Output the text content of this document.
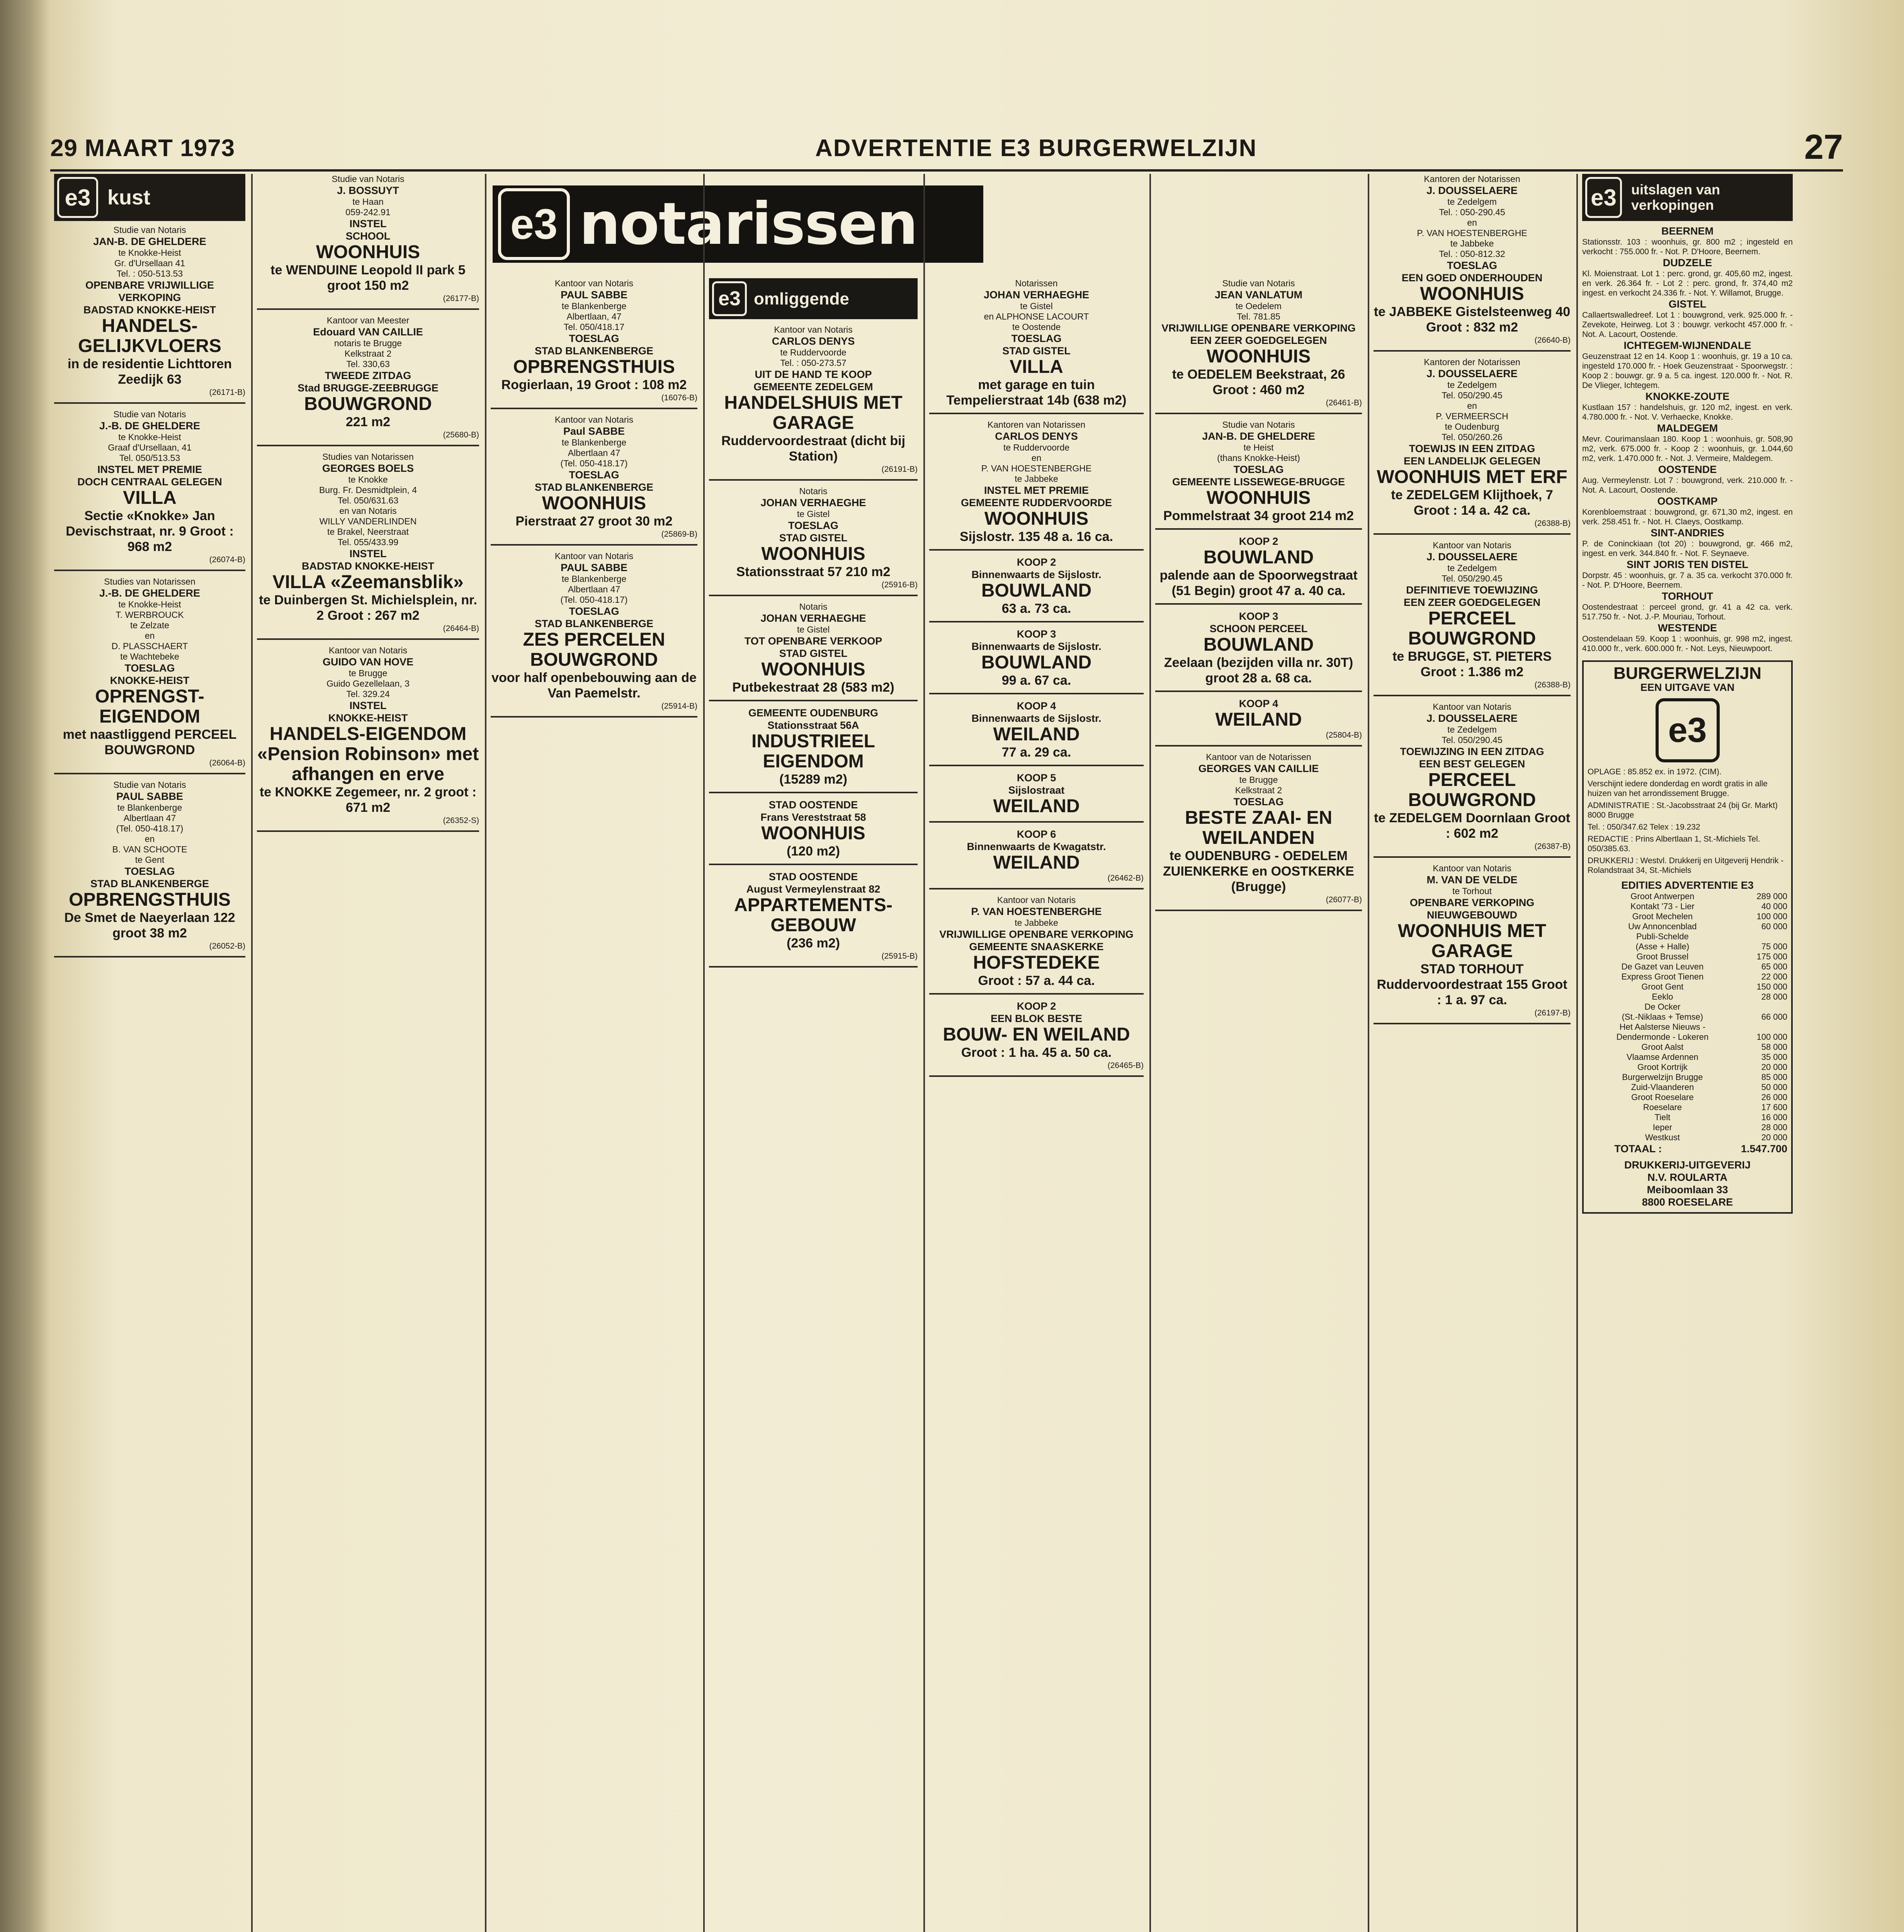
29 MAART 1973	ADVERTENTIE E3 BURGERWELZIJN	27
e3 notarissen
e3 kust
Studie van Notaris
JAN-B. DE GHELDERE
te Knokke-Heist
Gr. d'Ursellaan 41
Tel. : 050-513.53
OPENBARE VRIJWILLIGE VERKOPING
BADSTAD KNOKKE-HEIST
HANDELS-GELIJKVLOERS
in de residentie Lichttoren Zeedijk 63
(26171-B)
Studie van Notaris
J.-B. DE GHELDERE
te Knokke-Heist
Graaf d'Ursellaan, 41
Tel. 050/513.53
INSTEL MET PREMIE
DOCH CENTRAAL GELEGEN
VILLA
Sectie «Knokke» Jan Devischstraat, nr. 9 Groot : 968 m2
(26074-B)
Studies van Notarissen
J.-B. DE GHELDERE
te Knokke-Heist
T. WERBROUCK
te Zelzate
en
D. PLASSCHAERT
te Wachtebeke
TOESLAG
KNOKKE-HEIST
OPRENGST-EIGENDOM
met naastliggend PERCEEL BOUWGROND
(26064-B)
Studie van Notaris
PAUL SABBE
te Blankenberge
Albertlaan 47
(Tel. 050-418.17)
en
B. VAN SCHOOTE
te Gent
TOESLAG
STAD BLANKENBERGE
OPBRENGSTHUIS
De Smet de Naeyerlaan 122 groot 38 m2
(26052-B)
Studie van Notaris
J. BOSSUYT
te Haan
059-242.91
INSTEL
SCHOOL
WOONHUIS
te WENDUINE Leopold II park 5 groot 150 m2
(26177-B)
Kantoor van Meester
Edouard VAN CAILLIE
notaris te Brugge
Kelkstraat 2
Tel. 330,63
TWEEDE ZITDAG
Stad BRUGGE-ZEEBRUGGE
BOUWGROND
221 m2
(25680-B)
Studies van Notarissen
GEORGES BOELS
te Knokke
Burg. Fr. Desmidtplein, 4
Tel. 050/631.63
en van Notaris
WILLY VANDERLINDEN
te Brakel, Neerstraat
Tel. 055/433.99
INSTEL
BADSTAD KNOKKE-HEIST
VILLA «Zeemansblik»
te Duinbergen St. Michielsplein, nr. 2 Groot : 267 m2
(26464-B)
Kantoor van Notaris
GUIDO VAN HOVE
te Brugge
Guido Gezellelaan, 3
Tel. 329.24
INSTEL
KNOKKE-HEIST
HANDELS-EIGENDOM «Pension Robinson» met afhangen en erve
te KNOKKE Zegemeer, nr. 2 groot : 671 m2
(26352-S)
Kantoor van Notaris
PAUL SABBE
te Blankenberge
Albertlaan, 47
Tel. 050/418.17
TOESLAG
STAD BLANKENBERGE
OPBRENGSTHUIS
Rogierlaan, 19 Groot : 108 m2
(16076-B)
Kantoor van Notaris
Paul SABBE
te Blankenberge
Albertlaan 47
(Tel. 050-418.17)
TOESLAG
STAD BLANKENBERGE
WOONHUIS
Pierstraat 27 groot 30 m2
(25869-B)
Kantoor van Notaris
PAUL SABBE
te Blankenberge
Albertlaan 47
(Tel. 050-418.17)
TOESLAG
STAD BLANKENBERGE
ZES PERCELEN BOUWGROND
voor half openbebouwing aan de Van Paemelstr.
(25914-B)
e3 omliggende
Kantoor van Notaris
CARLOS DENYS
te Ruddervoorde
Tel. : 050-273.57
UIT DE HAND TE KOOP
GEMEENTE ZEDELGEM
HANDELSHUIS MET GARAGE
Ruddervoordestraat (dicht bij Station)
(26191-B)
Notaris
JOHAN VERHAEGHE
te Gistel
TOESLAG
STAD GISTEL
WOONHUIS
Stationsstraat 57 210 m2
(25916-B)
Notaris
JOHAN VERHAEGHE
te Gistel
TOT OPENBARE VERKOOP
STAD GISTEL
WOONHUIS
Putbekestraat 28 (583 m2)
GEMEENTE OUDENBURG
Stationsstraat 56A
INDUSTRIEEL EIGENDOM
(15289 m2)
STAD OOSTENDE
Frans Vereststraat 58
WOONHUIS
(120 m2)
STAD OOSTENDE
August Vermeylenstraat 82
APPARTEMENTS-GEBOUW
(236 m2)
(25915-B)
Notarissen
JOHAN VERHAEGHE
te Gistel
en ALPHONSE LACOURT
te Oostende
TOESLAG
STAD GISTEL
VILLA
met garage en tuin Tempelierstraat 14b (638 m2)
Kantoren van Notarissen
CARLOS DENYS
te Ruddervoorde
en
P. VAN HOESTENBERGHE
te Jabbeke
INSTEL MET PREMIE
GEMEENTE RUDDERVOORDE
WOONHUIS
Sijslostr. 135 48 a. 16 ca.
KOOP 2
Binnenwaarts de Sijslostr.
BOUWLAND
63 a. 73 ca.
KOOP 3
Binnenwaarts de Sijslostr.
BOUWLAND
99 a. 67 ca.
KOOP 4
Binnenwaarts de Sijslostr.
WEILAND
77 a. 29 ca.
KOOP 5
Sijslostraat
WEILAND
KOOP 6
Binnenwaarts de Kwagatstr.
WEILAND
(26462-B)
Kantoor van Notaris
P. VAN HOESTENBERGHE
te Jabbeke
VRIJWILLIGE OPENBARE VERKOPING
GEMEENTE SNAASKERKE
HOFSTEDEKE
Groot : 57 a. 44 ca.
KOOP 2
EEN BLOK BESTE
BOUW- EN WEILAND
Groot : 1 ha. 45 a. 50 ca.
(26465-B)
Studie van Notaris
JEAN VANLATUM
te Oedelem
Tel. 781.85
VRIJWILLIGE OPENBARE VERKOPING
EEN ZEER GOEDGELEGEN
WOONHUIS
te OEDELEM Beekstraat, 26 Groot : 460 m2
(26461-B)
Studie van Notaris
JAN-B. DE GHELDERE
te Heist
(thans Knokke-Heist)
TOESLAG
GEMEENTE LISSEWEGE-BRUGGE
WOONHUIS
Pommelstraat 34 groot 214 m2
KOOP 2
BOUWLAND
palende aan de Spoorwegstraat (51 Begin) groot 47 a. 40 ca.
KOOP 3
SCHOON PERCEEL
BOUWLAND
Zeelaan (bezijden villa nr. 30T) groot 28 a. 68 ca.
KOOP 4
WEILAND
(25804-B)
Kantoor van de Notarissen
GEORGES VAN CAILLIE
te Brugge
Kelkstraat 2
TOESLAG
BESTE ZAAI- EN WEILANDEN
te OUDENBURG - OEDELEM ZUIENKERKE en OOSTKERKE (Brugge)
(26077-B)
Kantoren der Notarissen
J. DOUSSELAERE
te Zedelgem
Tel. : 050-290.45
en
P. VAN HOESTENBERGHE
te Jabbeke
Tel. : 050-812.32
TOESLAG
EEN GOED ONDERHOUDEN
WOONHUIS
te JABBEKE Gistelsteenweg 40 Groot : 832 m2
(26640-B)
Kantoren der Notarissen
J. DOUSSELAERE
te Zedelgem
Tel. 050/290.45
en
P. VERMEERSCH
te Oudenburg
Tel. 050/260.26
TOEWIJS IN EEN ZITDAG
EEN LANDELIJK GELEGEN
WOONHUIS MET ERF
te ZEDELGEM Klijthoek, 7 Groot : 14 a. 42 ca.
(26388-B)
Kantoor van Notaris
J. DOUSSELAERE
te Zedelgem
Tel. 050/290.45
DEFINITIEVE TOEWIJZING
EEN ZEER GOEDGELEGEN
PERCEEL BOUWGROND
te BRUGGE, ST. PIETERS Groot : 1.386 m2
(26388-B)
Kantoor van Notaris
J. DOUSSELAERE
te Zedelgem
Tel. 050/290.45
TOEWIJZING IN EEN ZITDAG
EEN BEST GELEGEN
PERCEEL BOUWGROND
te ZEDELGEM Doornlaan Groot : 602 m2
(26387-B)
Kantoor van Notaris
M. VAN DE VELDE
te Torhout
OPENBARE VERKOPING
NIEUWGEBOUWD
WOONHUIS MET GARAGE
STAD TORHOUT Ruddervoordestraat 155 Groot : 1 a. 97 ca.
(26197-B)
e3	uitslagen van verkopingen
BEERNEM
Stationsstr. 103 : woonhuis, gr. 800 m2 ; ingesteld en verkocht : 755.000 fr. - Not. P. D'Hoore, Beernem.
DUDZELE
Kl. Moienstraat. Lot 1 : perc. grond, gr. 405,60 m2, ingest. en verk. 26.364 fr. - Lot 2 : perc. grond, fr. 374,40 m2 ingest. en verkocht 24.336 fr. - Not. Y. Willamot, Brugge.
GISTEL
Callaertswalledreef. Lot 1 : bouwgrond, verk. 925.000 fr. - Zevekote, Heirweg. Lot 3 : bouwgr. verkocht 457.000 fr. - Not. A. Lacourt, Oostende.
ICHTEGEM-WIJNENDALE
Geuzenstraat 12 en 14. Koop 1 : woonhuis, gr. 19 a 10 ca. ingesteld 170.000 fr. - Hoek Geuzenstraat - Spoorwegstr. : Koop 2 : bouwgr. gr. 9 a. 5 ca. ingest. 120.000 fr. - Not. R. De Vlieger, Ichtegem.
KNOKKE-ZOUTE
Kustlaan 157 : handelshuis, gr. 120 m2, ingest. en verk. 4.780.000 fr. - Not. V. Verhaecke, Knokke.
MALDEGEM
Mevr. Courimanslaan 180. Koop 1 : woonhuis, gr. 508,90 m2, verk. 675.000 fr. - Koop 2 : woonhuis, gr. 1.044,60 m2, verk. 1.470.000 fr. - Not. J. Vermeire, Maldegem.
OOSTENDE
Aug. Vermeylenstr. Lot 7 : bouwgrond, verk. 210.000 fr. - Not. A. Lacourt, Oostende.
OOSTKAMP
Korenbloemstraat : bouwgrond, gr. 671,30 m2, ingest. en verk. 258.451 fr. - Not. H. Claeys, Oostkamp.
SINT-ANDRIES
P. de Coninckiaan (tot 20) : bouwgrond, gr. 466 m2, ingest. en verk. 344.840 fr. - Not. F. Seynaeve.
SINT JORIS TEN DISTEL
Dorpstr. 45 : woonhuis, gr. 7 a. 35 ca. verkocht 370.000 fr. - Not. P. D'Hoore, Beernem.
TORHOUT
Oostendestraat : perceel grond, gr. 41 a 42 ca. verk. 517.750 fr. - Not. J.-P. Mouriau, Torhout.
WESTENDE
Oostendelaan 59. Koop 1 : woonhuis, gr. 998 m2, ingest. 410.000 fr., verk. 600.000 fr. - Not. Leys, Nieuwpoort.
BURGERWELZIJN
EEN UITGAVE VAN
e3
OPLAGE : 85.852 ex. in 1972. (CIM).
Verschijnt iedere donderdag en wordt gratis in alle huizen van het arrondissement Brugge.
ADMINISTRATIE : St.-Jacobsstraat 24 (bij Gr. Markt) 8000 Brugge
Tel. : 050/347.62 Telex : 19.232
REDACTIE : Prins Albertlaan 1, St.-Michiels Tel. 050/385.63.
DRUKKERIJ : Westvl. Drukkerij en Uitgeverij Hendrik - Rolandstraat 34, St.-Michiels
EDITIES ADVERTENTIE E3
Groot Antwerpen	289 000
Kontakt '73 - Lier	40 000
Groot Mechelen	100 000
Uw Annoncenblad	60 000
Publi-Schelde	
(Asse + Halle)	75 000
Groot Brussel	175 000
De Gazet van Leuven	65 000
Express Groot Tienen	22 000
Groot Gent	150 000
Eeklo	28 000
De Ocker	
(St.-Niklaas + Temse)	66 000
Het Aalsterse Nieuws -	
Dendermonde - Lokeren	100 000
Groot Aalst	58 000
Vlaamse Ardennen	35 000
Groot Kortrijk	20 000
Burgerwelzijn Brugge	85 000
Zuid-Vlaanderen	50 000
Groot Roeselare	26 000
Roeselare	17 600
Tielt	16 000
Ieper	28 000
Westkust	20 000
TOTAAL :	1.547.700
DRUKKERIJ-UITGEVERIJ
N.V. ROULARTA
Meiboomlaan 33
8800 ROESELARE
